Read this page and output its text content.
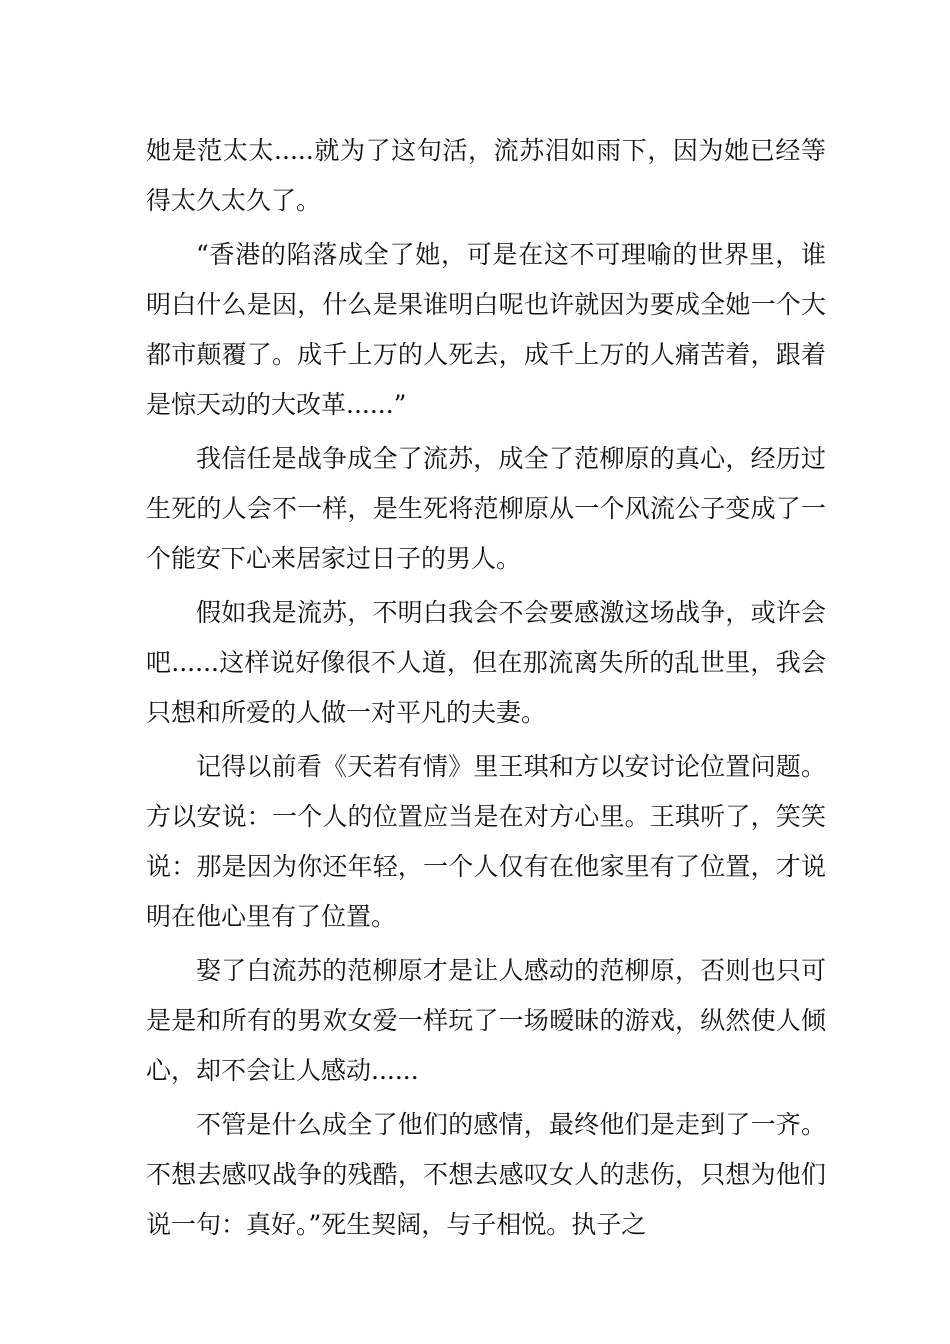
她是范太太.....就为了这句活，流苏泪如雨下，因为她已经等得太久太久了。

“香港的陷落成全了她，可是在这不可理喻的世界里，谁明白什么是因，什么是果谁明白呢也许就因为要成全她一个大都市颠覆了。成千上万的人死去，成千上万的人痛苦着，跟着是惊天动的大改革......”

我信任是战争成全了流苏，成全了范柳原的真心，经历过生死的人会不一样，是生死将范柳原从一个风流公子变成了一个能安下心来居家过日子的男人。

假如我是流苏，不明白我会不会要感激这场战争，或许会吧......这样说好像很不人道，但在那流离失所的乱世里，我会只想和所爱的人做一对平凡的夫妻。

记得以前看《天若有情》里王琪和方以安讨论位置问题。方以安说：一个人的位置应当是在对方心里。王琪听了，笑笑说：那是因为你还年轻，一个人仅有在他家里有了位置，才说明在他心里有了位置。

娶了白流苏的范柳原才是让人感动的范柳原，否则也只可是是和所有的男欢女爱一样玩了一场暧昧的游戏，纵然使人倾心，却不会让人感动......

不管是什么成全了他们的感情，最终他们是走到了一齐。不想去感叹战争的残酷，不想去感叹女人的悲伤，只想为他们说一句：真好。”死生契阔，与子相悦。执子之
